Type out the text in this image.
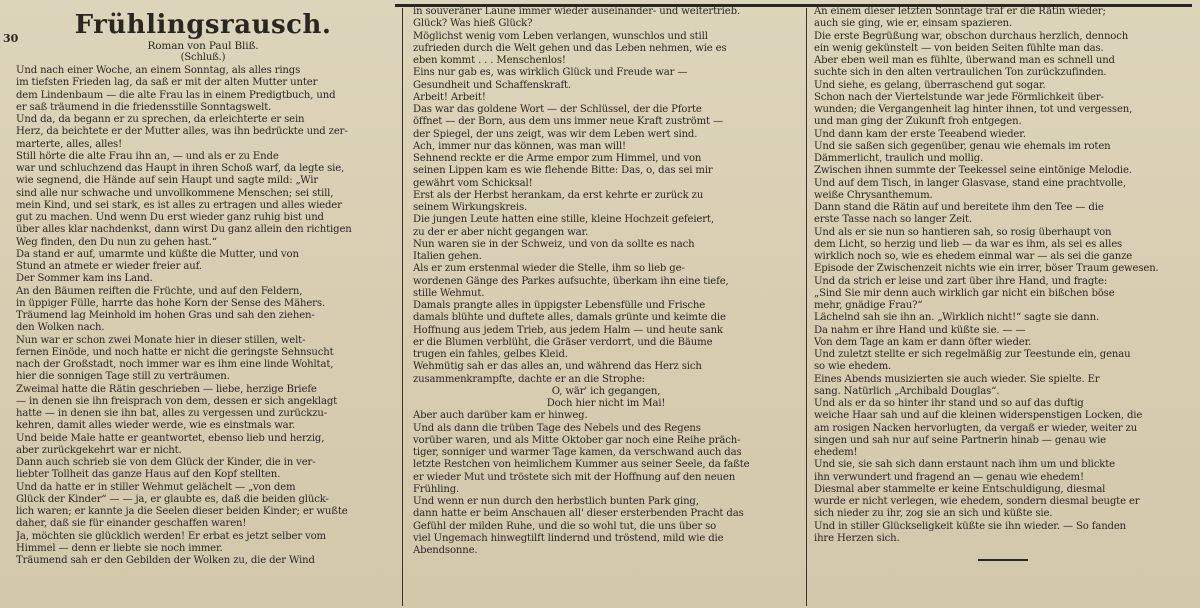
30	Frühlingsrausch.
Roman von Paul Bliß.
(Schluß.)

Und nach einer Woche, an einem Sonntag, als alles rings

im tiefsten Frieden lag, da saß er mit der alten Mutter unter

dem Lindenbaum — die alte Frau las in einem Predigtbuch, und

er saß träumend in die friedensstille Sonntagswelt.

Und da, da begann er zu sprechen, da erleichterte er sein

Herz, da beichtete er der Mutter alles, was ihn bedrückte und zer-

marterte, alles, alles!

Still hörte die alte Frau ihn an, — und als er zu Ende

war und schluchzend das Haupt in ihren Schoß warf, da legte sie,

wie segnend, die Hände auf sein Haupt und sagte mild: „Wir

sind alle nur schwache und unvollkommene Menschen; sei still,

mein Kind, und sei stark, es ist alles zu ertragen und alles wieder

gut zu machen. Und wenn Du erst wieder ganz ruhig bist und

über alles klar nachdenkst, dann wirst Du ganz allein den richtigen

Weg finden, den Du nun zu gehen hast.“

Da stand er auf, umarmte und küßte die Mutter, und von

Stund an atmete er wieder freier auf.

Der Sommer kam ins Land.

An den Bäumen reiften die Früchte, und auf den Feldern,

in üppiger Fülle, harrte das hohe Korn der Sense des Mähers.

Träumend lag Meinhold im hohen Gras und sah den ziehen-

den Wolken nach.

Nun war er schon zwei Monate hier in dieser stillen, welt-

fernen Einöde, und noch hatte er nicht die geringste Sehnsucht

nach der Großstadt, noch immer war es ihm eine linde Wohltat,

hier die sonnigen Tage still zu verträumen.

Zweimal hatte die Rätin geschrieben — liebe, herzige Briefe

— in denen sie ihn freisprach von dem, dessen er sich angeklagt

hatte — in denen sie ihn bat, alles zu vergessen und zurückzu-

kehren, damit alles wieder werde, wie es einstmals war.

Und beide Male hatte er geantwortet, ebenso lieb und herzig,

aber zurückgekehrt war er nicht.

Dann auch schrieb sie von dem Glück der Kinder, die in ver-

liebter Tollheit das ganze Haus auf den Kopf stellten.

Und da hatte er in stiller Wehmut gelächelt — „von dem

Glück der Kinder“ — — ja, er glaubte es, daß die beiden glück-

lich waren; er kannte ja die Seelen dieser beiden Kinder; er wußte

daher, daß sie für einander geschaffen waren!

Ja, möchten sie glücklich werden! Er erbat es jetzt selber vom

Himmel — denn er liebte sie noch immer.

Träumend sah er den Gebilden der Wolken zu, die der Wind

in souveräner Laune immer wieder auseinander- und weitertrieb.

Glück? Was hieß Glück?

Möglichst wenig vom Leben verlangen, wunschlos und still

zufrieden durch die Welt gehen und das Leben nehmen, wie es

eben kommt . . . Menschenlos!

Eins nur gab es, was wirklich Glück und Freude war —

Gesundheit und Schaffenskraft.

Arbeit! Arbeit!

Das war das goldene Wort — der Schlüssel, der die Pforte

öffnet — der Born, aus dem uns immer neue Kraft zuströmt —

der Spiegel, der uns zeigt, was wir dem Leben wert sind.

Ach, immer nur das können, was man will!

Sehnend reckte er die Arme empor zum Himmel, und von

seinen Lippen kam es wie flehende Bitte: Das, o, das sei mir

gewährt vom Schicksal!

Erst als der Herbst herankam, da erst kehrte er zurück zu

seinem Wirkungskreis.

Die jungen Leute hatten eine stille, kleine Hochzeit gefeiert,

zu der er aber nicht gegangen war.

Nun waren sie in der Schweiz, und von da sollte es nach

Italien gehen.

Als er zum erstenmal wieder die Stelle, ihm so lieb ge-

wordenen Gänge des Parkes aufsuchte, überkam ihn eine tiefe,

stille Wehmut.

Damals prangte alles in üppigster Lebensfülle und Frische

damals blühte und duftete alles, damals grünte und keimte die

Hoffnung aus jedem Trieb, aus jedem Halm — und heute sank

er die Blumen verblüht, die Gräser verdorrt, und die Bäume

trugen ein fahles, gelbes Kleid.

Wehmütig sah er das alles an, und während das Herz sich

zusammenkrampfte, dachte er an die Strophe:

O, wär' ich gegangen,

Doch hier nicht im Mai!

Aber auch darüber kam er hinweg.

Und als dann die trüben Tage des Nebels und des Regens

vorüber waren, und als Mitte Oktober gar noch eine Reihe präch-

tiger, sonniger und warmer Tage kamen, da verschwand auch das

letzte Restchen von heimlichem Kummer aus seiner Seele, da faßte

er wieder Mut und tröstete sich mit der Hoffnung auf den neuen

Frühling.

Und wenn er nun durch den herbstlich bunten Park ging,

dann hatte er beim Anschauen all' dieser ersterbenden Pracht das

Gefühl der milden Ruhe, und die so wohl tut, die uns über so

viel Ungemach hinwegtilft lindernd und tröstend, mild wie die

Abendsonne.

An einem dieser letzten Sonntage traf er die Rätin wieder;

auch sie ging, wie er, einsam spazieren.

Die erste Begrüßung war, obschon durchaus herzlich, dennoch

ein wenig gekünstelt — von beiden Seiten fühlte man das.

Aber eben weil man es fühlte, überwand man es schnell und

suchte sich in den alten vertraulichen Ton zurückzufinden.

Und siehe, es gelang, überraschend gut sogar.

Schon nach der Viertelstunde war jede Förmlichkeit über-

wunden; die Vergangenheit lag hinter ihnen, tot und vergessen,

und man ging der Zukunft froh entgegen.

Und dann kam der erste Teeabend wieder.

Und sie saßen sich gegenüber, genau wie ehemals im roten

Dämmerlicht, traulich und mollig.

Zwischen ihnen summte der Teekessel seine eintönige Melodie.

Und auf dem Tisch, in langer Glasvase, stand eine prachtvolle,

weiße Chrysanthemum.

Dann stand die Rätin auf und bereitete ihm den Tee — die

erste Tasse nach so langer Zeit.

Und als er sie nun so hantieren sah, so rosig überhaupt von

dem Licht, so herzig und lieb — da war es ihm, als sei es alles

wirklich noch so, wie es ehedem einmal war — als sei die ganze

Episode der Zwischenzeit nichts wie ein irrer, böser Traum gewesen.

Und da strich er leise und zart über ihre Hand, und fragte:

„Sind Sie mir denn auch wirklich gar nicht ein bißchen böse

mehr, gnädige Frau?“

Lächelnd sah sie ihn an. „Wirklich nicht!“ sagte sie dann.

Da nahm er ihre Hand und küßte sie. — —

Von dem Tage an kam er dann öfter wieder.

Und zuletzt stellte er sich regelmäßig zur Teestunde ein, genau

so wie ehedem.

Eines Abends musizierten sie auch wieder. Sie spielte. Er

sang. Natürlich „Archibald Douglas“.

Und als er da so hinter ihr stand und so auf das duftig

weiche Haar sah und auf die kleinen widerspenstigen Locken, die

am rosigen Nacken hervorlugten, da vergaß er wieder, weiter zu

singen und sah nur auf seine Partnerin hinab — genau wie

ehedem!

Und sie, sie sah sich dann erstaunt nach ihm um und blickte

ihn verwundert und fragend an — genau wie ehedem!

Diesmal aber stammelte er keine Entschuldigung, diesmal

wurde er nicht verlegen, wie ehedem, sondern diesmal beugte er

sich nieder zu ihr, zog sie an sich und küßte sie.

Und in stiller Glückseligkeit küßte sie ihn wieder. — So fanden

ihre Herzen sich.
